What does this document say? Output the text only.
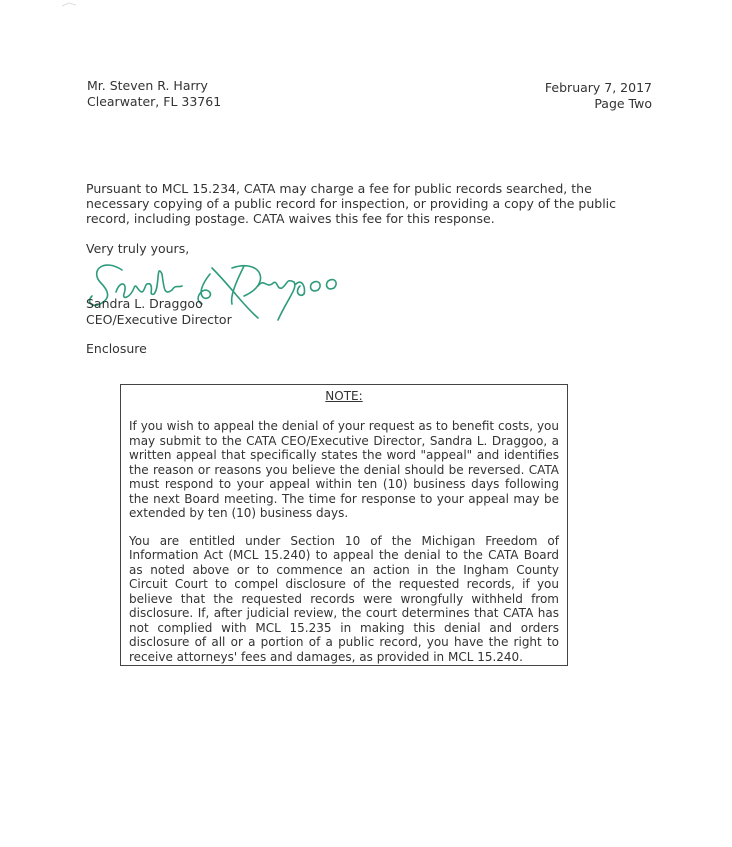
Mr. Steven R. Harry
Clearwater, FL 33761
February 7, 2017
Page Two
Pursuant to MCL 15.234, CATA may charge a fee for public records searched, the necessary copying of a public record for inspection, or providing a copy of the public record, including postage. CATA waives this fee for this response.
Very truly yours,
Sandra L. Draggoo
CEO/Executive Director
Enclosure
NOTE:

If you wish to appeal the denial of your request as to benefit costs, you may submit to the CATA CEO/Executive Director, Sandra L. Draggoo, a written appeal that specifically states the word "appeal" and identifies the reason or reasons you believe the denial should be reversed. CATA must respond to your appeal within ten (10) business days following the next Board meeting. The time for response to your appeal may be extended by ten (10) business days.

You are entitled under Section 10 of the Michigan Freedom of Information Act (MCL 15.240) to appeal the denial to the CATA Board as noted above or to commence an action in the Ingham County Circuit Court to compel disclosure of the requested records, if you believe that the requested records were wrongfully withheld from disclosure. If, after judicial review, the court determines that CATA has not complied with MCL 15.235 in making this denial and orders disclosure of all or a portion of a public record, you have the right to receive attorneys' fees and damages, as provided in MCL 15.240.
